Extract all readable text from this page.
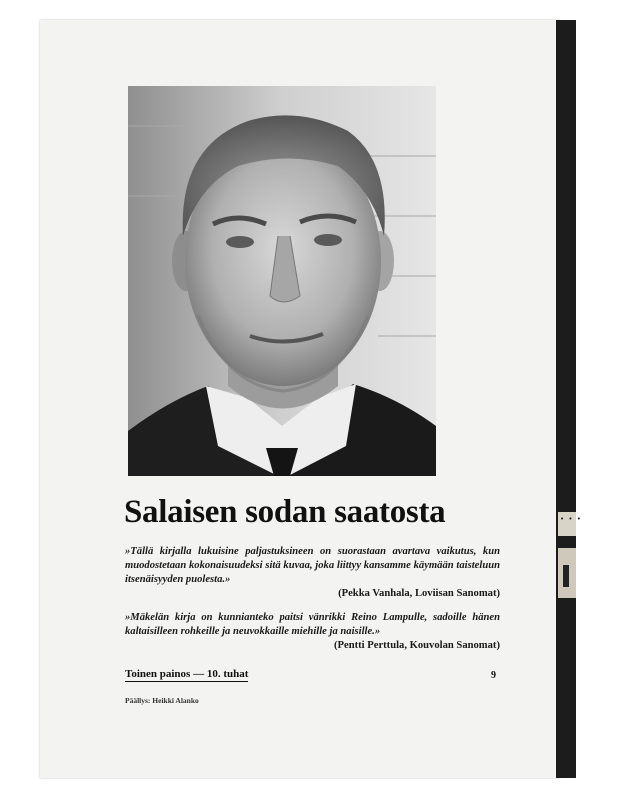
• • •
Salaisen sodan saatosta
»Tällä kirjalla lukuisine paljastuksineen on suorastaan avartava vaikutus, kun muodostetaan kokonaisuudeksi sitä kuvaa, joka liittyy kansamme käymään taisteluun itsenäisyyden puolesta.»
(Pekka Vanhala, Loviisan Sanomat)
»Mäkelän kirja on kunnianteko paitsi vänrikki Reino Lampulle, sadoille hänen kaltaisilleen rohkeille ja neuvokkaille miehille ja naisille.»
(Pentti Perttula, Kouvolan Sanomat)
Toinen painos — 10. tuhat	9
Päällys: Heikki Alanko
